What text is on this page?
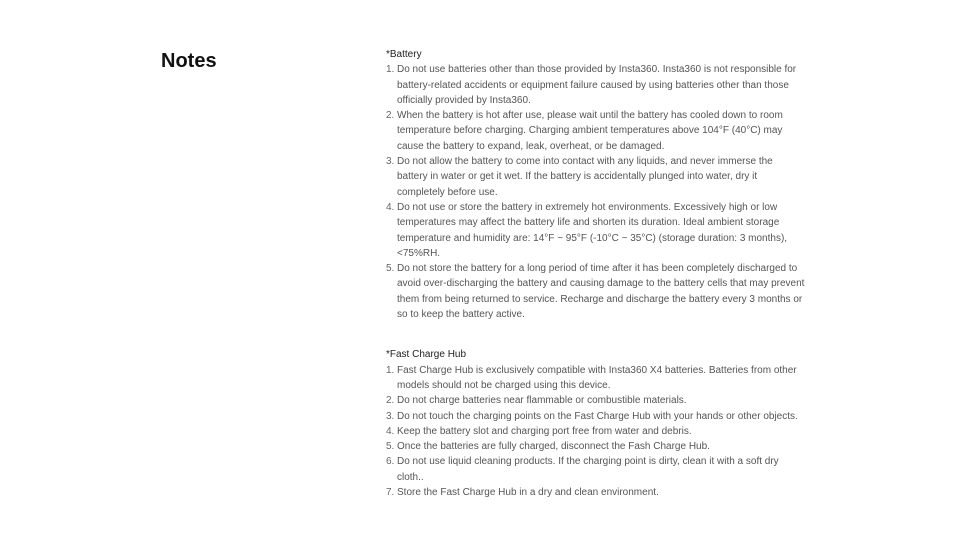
Notes	*Battery

1. Do not use batteries other than those provided by Insta360. Insta360 is not responsible for battery-related accidents or equipment failure caused by using batteries other than those officially provided by Insta360.
2. When the battery is hot after use, please wait until the battery has cooled down to room temperature before charging. Charging ambient temperatures above 104°F (40°C) may cause the battery to expand, leak, overheat, or be damaged.
3. Do not allow the battery to come into contact with any liquids, and never immerse the battery in water or get it wet. If the battery is accidentally plunged into water, dry it completely before use.
4. Do not use or store the battery in extremely hot environments. Excessively high or low temperatures may affect the battery life and shorten its duration. Ideal ambient storage temperature and humidity are: 14°F ~ 95°F (-10°C ~ 35°C) (storage duration: 3 months), <75%RH.
5. Do not store the battery for a long period of time after it has been completely discharged to avoid over-discharging the battery and causing damage to the battery cells that may prevent them from being returned to service. Recharge and discharge the battery every 3 months or so to keep the battery active.

*Fast Charge Hub

1. Fast Charge Hub is exclusively compatible with Insta360 X4 batteries. Batteries from other models should not be charged using this device.
2. Do not charge batteries near flammable or combustible materials.
3. Do not touch the charging points on the Fast Charge Hub with your hands or other objects.
4. Keep the battery slot and charging port free from water and debris.
5. Once the batteries are fully charged, disconnect the Fash Charge Hub.
6. Do not use liquid cleaning products. If the charging point is dirty, clean it with a soft dry cloth..
7. Store the Fast Charge Hub in a dry and clean environment.
